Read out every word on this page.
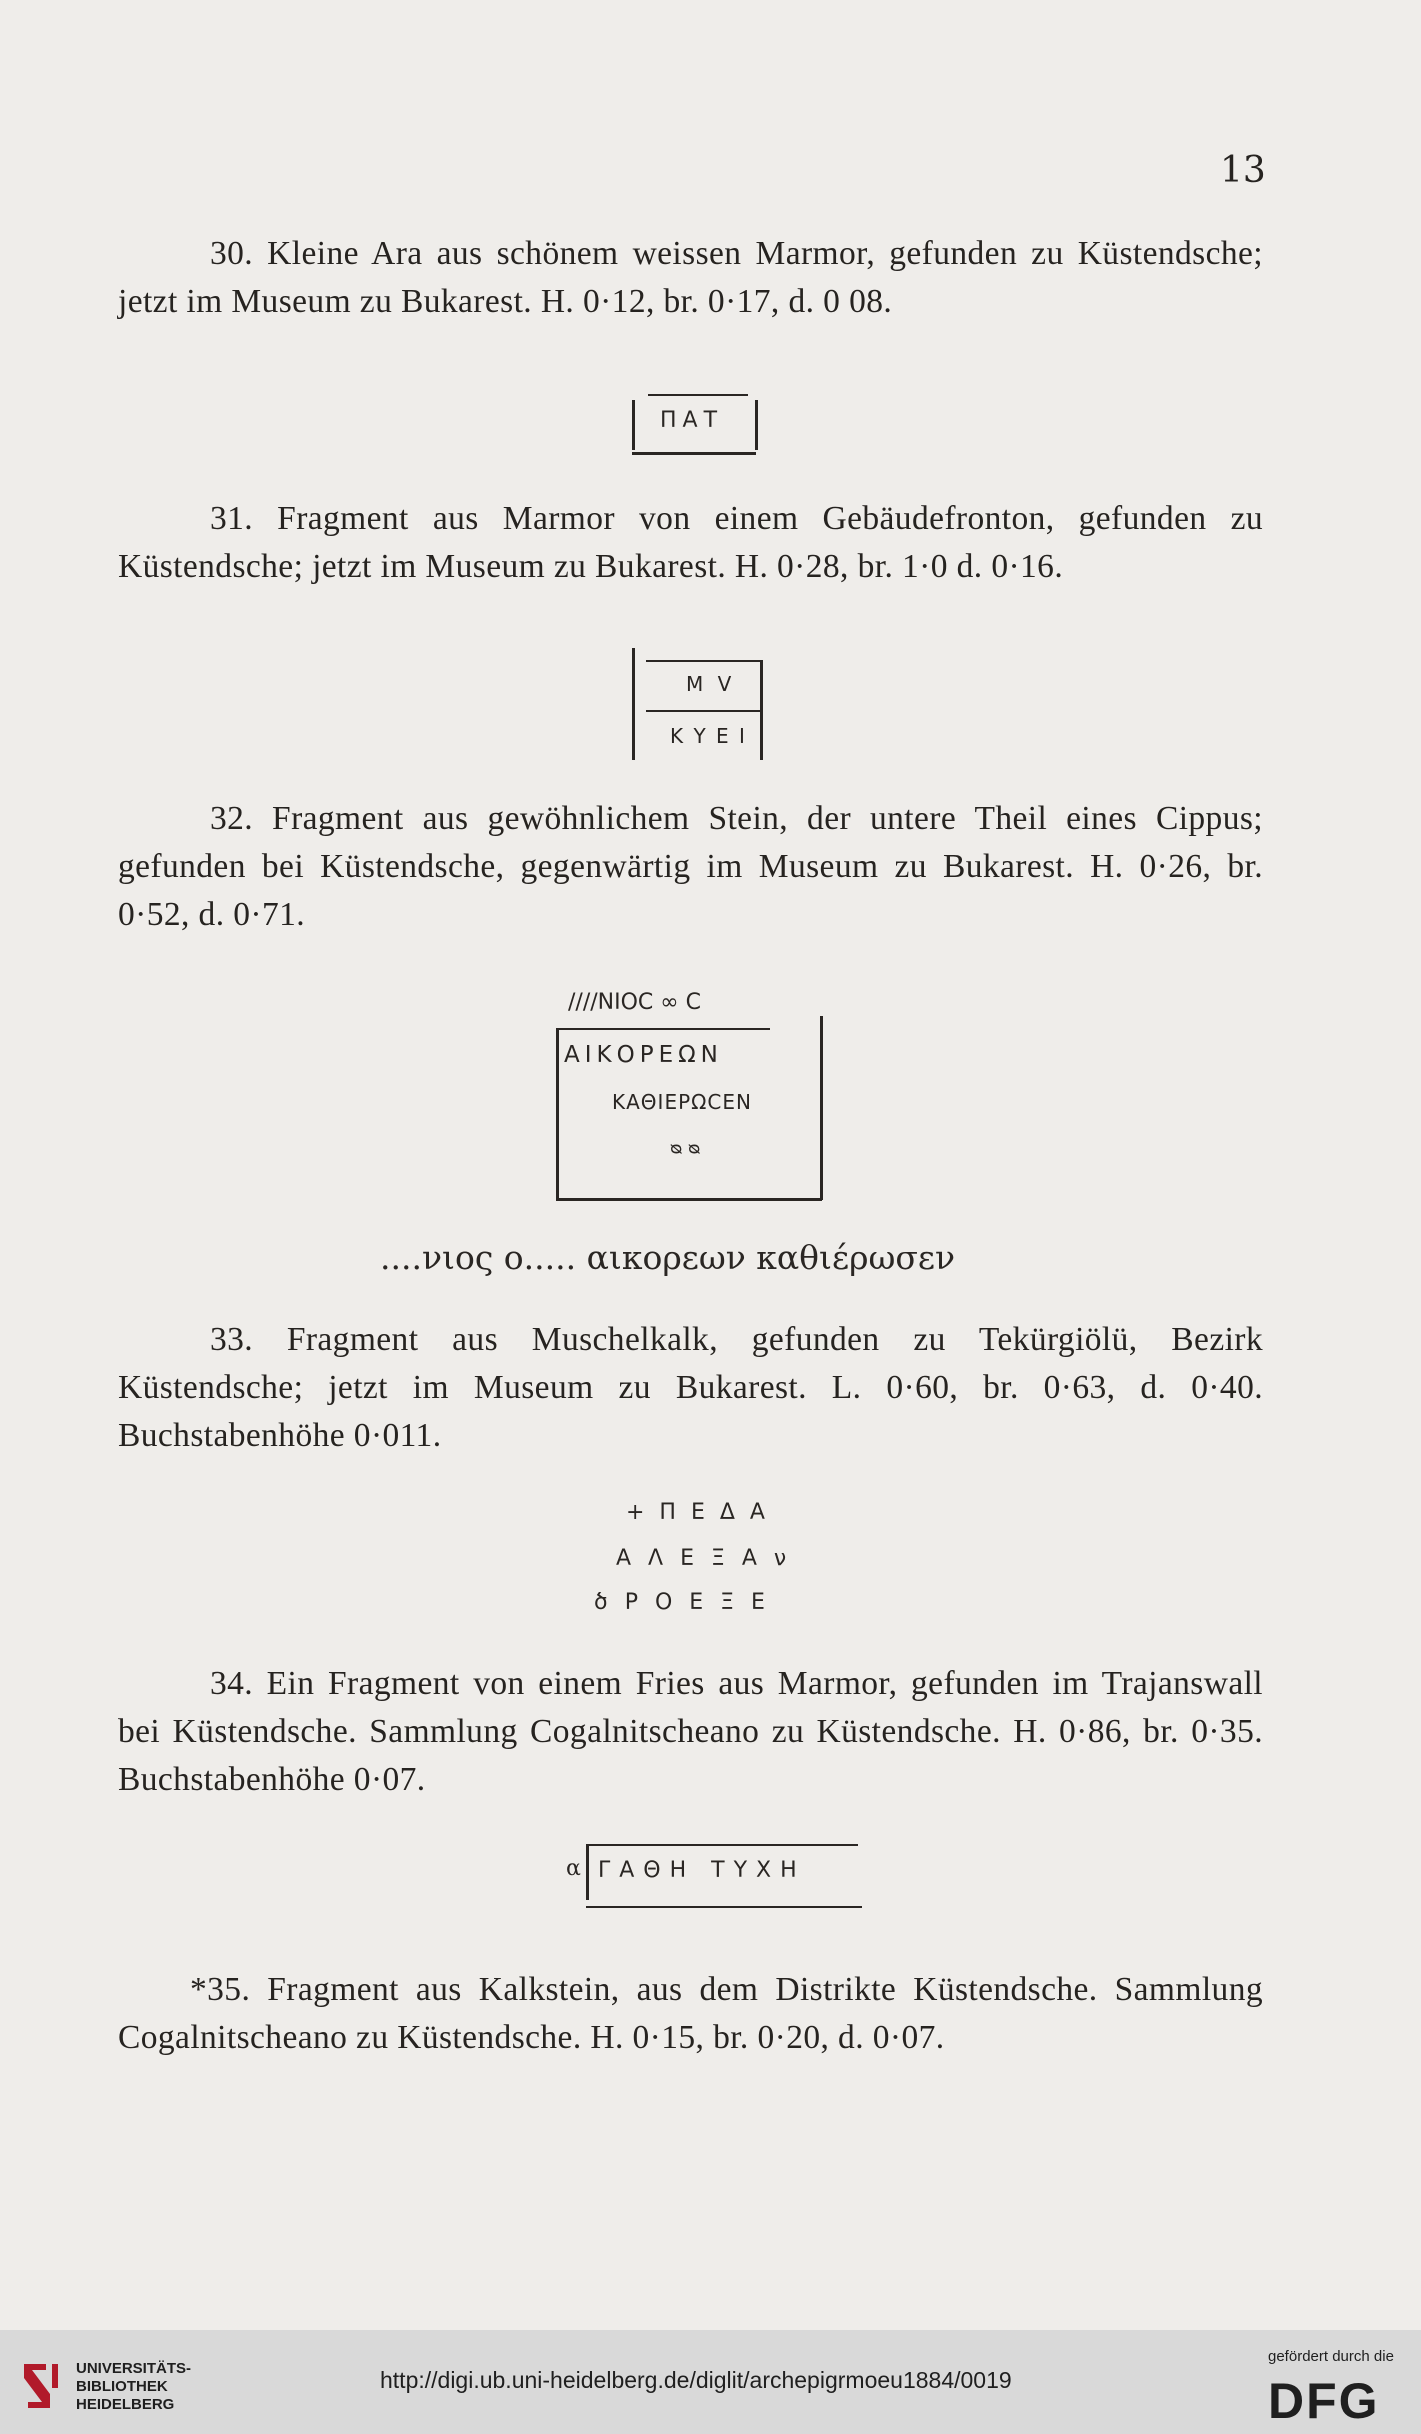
13
30. Kleine Ara aus schönem weissen Marmor, gefunden zu Küstendsche; jetzt im Museum zu Bukarest. H. 0·12, br. 0·17, d. 0 08.
ΠΑΤ
31. Fragment aus Marmor von einem Gebäudefronton, gefunden zu Küstendsche; jetzt im Museum zu Bukarest. H. 0·28, br. 1·0 d. 0·16.
Μ V
Κ Υ Ε Ι
32. Fragment aus gewöhnlichem Stein, der untere Theil eines Cippus; gefunden bei Küstendsche, gegenwärtig im Museum zu Bukarest. H. 0·26, br. 0·52, d. 0·71.
////ΝΙΟC ∞ C
ΑΙΚΟΡΕΩΝ
ΚΑΘΙΕΡΩCΕΝ
ᴓ ᴓ
....νιος ο..... αικορεων καθιέρωσεν
33. Fragment aus Muschelkalk, gefunden zu Tekürgiölü, Bezirk Küstendsche; jetzt im Museum zu Bukarest. L. 0·60, br. 0·63, d. 0·40. Buchstabenhöhe 0·011.
+ Π Ε Δ Α
Α Λ Ε Ξ Α ν
ծ Ρ Ο Ε Ξ Ε
34. Ein Fragment von einem Fries aus Marmor, gefunden im Trajanswall bei Küstendsche. Sammlung Cogalnitscheano zu Küstendsche. H. 0·86, br. 0·35. Buchstabenhöhe 0·07.
α ΓΑΘΗ ΤΥΧΗ
*35. Fragment aus Kalkstein, aus dem Distrikte Küstendsche. Sammlung Cogalnitscheano zu Küstendsche. H. 0·15, br. 0·20, d. 0·07.
UNIVERSITÄTS-
BIBLIOTHEK
HEIDELBERG
http://digi.ub.uni-heidelberg.de/diglit/archepigrmoeu1884/0019
gefördert durch die
DFG
